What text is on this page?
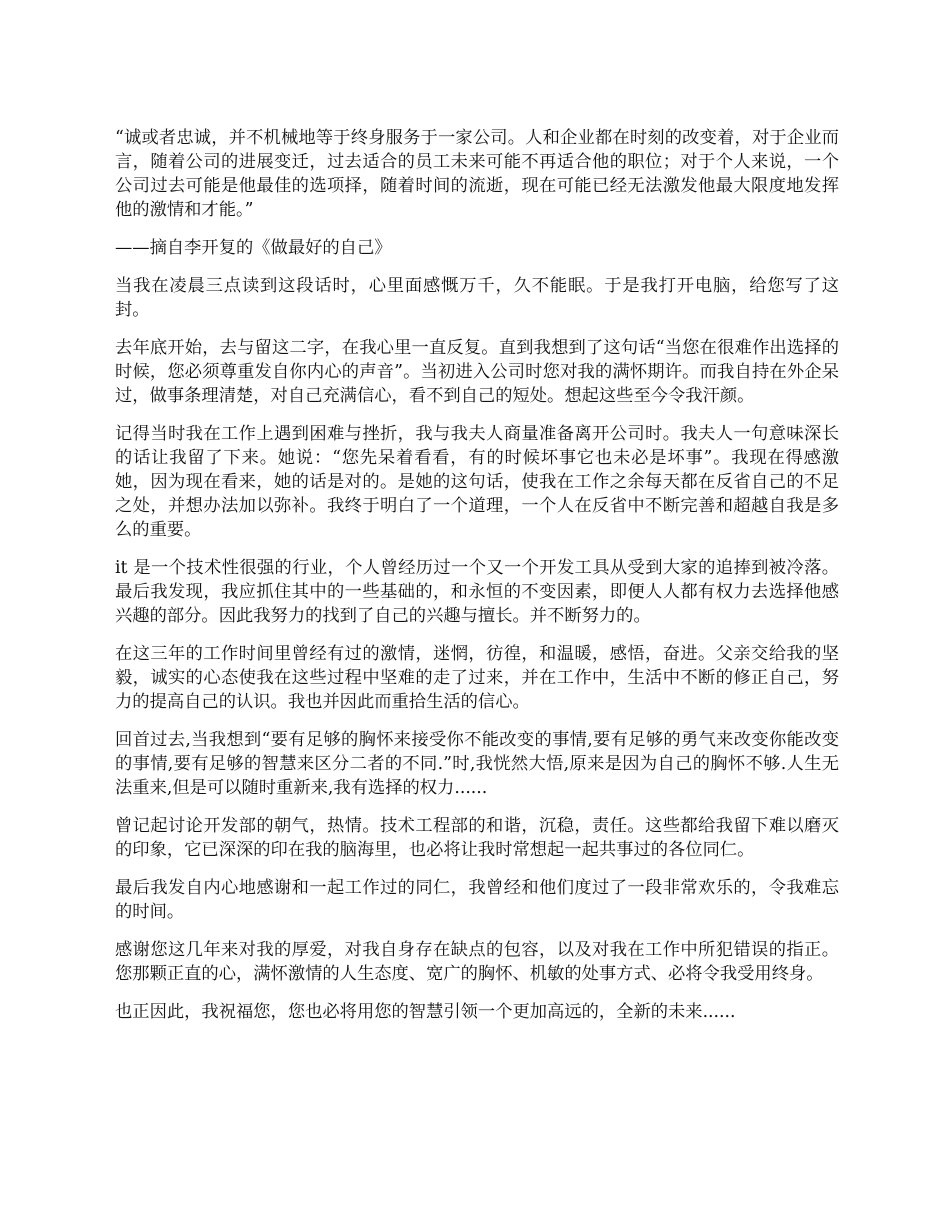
“诚或者忠诚，并不机械地等于终身服务于一家公司。人和企业都在时刻的改变着，对于企业而言，随着公司的进展变迁，过去适合的员工未来可能不再适合他的职位；对于个人来说，一个公司过去可能是他最佳的选项择，随着时间的流逝，现在可能已经无法激发他最大限度地发挥他的激情和才能。”

——摘自李开复的《做最好的自己》

当我在凌晨三点读到这段话时，心里面感慨万千，久不能眠。于是我打开电脑，给您写了这封。

去年底开始，去与留这二字，在我心里一直反复。直到我想到了这句话“当您在很难作出选择的时候，您必须尊重发自你内心的声音”。当初进入公司时您对我的满怀期许。而我自持在外企呆过，做事条理清楚，对自己充满信心，看不到自己的短处。想起这些至今令我汗颜。

记得当时我在工作上遇到困难与挫折，我与我夫人商量准备离开公司时。我夫人一句意味深长的话让我留了下来。她说：“您先呆着看看，有的时候坏事它也未必是坏事”。我现在得感激她，因为现在看来，她的话是对的。是她的这句话，使我在工作之余每天都在反省自己的不足之处，并想办法加以弥补。我终于明白了一个道理，一个人在反省中不断完善和超越自我是多么的重要。

it 是一个技术性很强的行业，个人曾经历过一个又一个开发工具从受到大家的追捧到被冷落。最后我发现，我应抓住其中的一些基础的，和永恒的不变因素，即便人人都有权力去选择他感兴趣的部分。因此我努力的找到了自己的兴趣与擅长。并不断努力的。

在这三年的工作时间里曾经有过的激情，迷惘，彷徨，和温暖，感悟，奋进。父亲交给我的坚毅，诚实的心态使我在这些过程中坚难的走了过来，并在工作中，生活中不断的修正自己，努力的提高自己的认识。我也并因此而重拾生活的信心。

回首过去,当我想到“要有足够的胸怀来接受你不能改变的事情,要有足够的勇气来改变你能改变的事情,要有足够的智慧来区分二者的不同.”时,我恍然大悟,原来是因为自己的胸怀不够.人生无法重来,但是可以随时重新来,我有选择的权力......

曾记起讨论开发部的朝气，热情。技术工程部的和谐，沉稳，责任。这些都给我留下难以磨灭的印象，它已深深的印在我的脑海里，也必将让我时常想起一起共事过的各位同仁。

最后我发自内心地感谢和一起工作过的同仁，我曾经和他们度过了一段非常欢乐的，令我难忘的时间。

感谢您这几年来对我的厚爱，对我自身存在缺点的包容，以及对我在工作中所犯错误的指正。您那颗正直的心，满怀激情的人生态度、宽广的胸怀、机敏的处事方式、必将令我受用终身。

也正因此，我祝福您，您也必将用您的智慧引领一个更加高远的，全新的未来......
